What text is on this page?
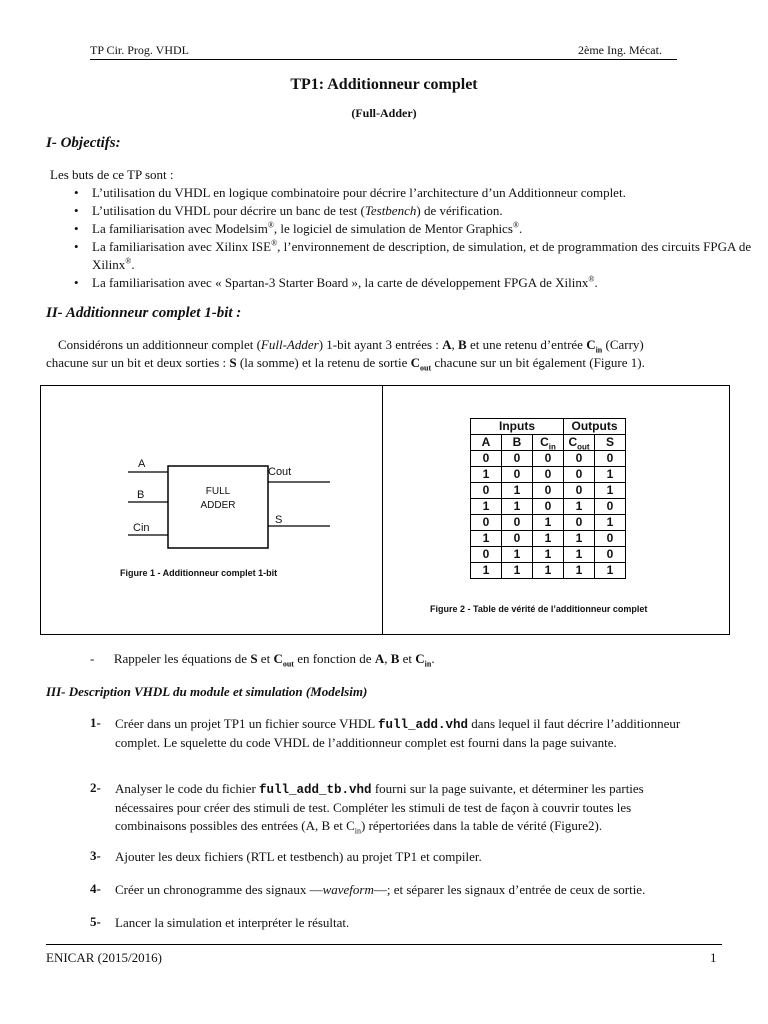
TP Cir. Prog. VHDL	2ème Ing. Mécat.
TP1: Additionneur complet
(Full-Adder)
I- Objectifs:
Les buts de ce TP sont :
• L’utilisation du VHDL en logique combinatoire pour décrire l’architecture d’un Additionneur complet.
• L’utilisation du VHDL pour décrire un banc de test (Testbench) de vérification.
• La familiarisation avec Modelsim®, le logiciel de simulation de Mentor Graphics®.
• La familiarisation avec Xilinx ISE®, l’environnement de description, de simulation, et de programmation des circuits FPGA de Xilinx®.
• La familiarisation avec « Spartan-3 Starter Board », la carte de développement FPGA de Xilinx®.
II- Additionneur complet 1-bit :
Considérons un additionneur complet (Full-Adder) 1-bit ayant 3 entrées : A, B et une retenu d’entrée $C_{in}$ (Carry)
chacune sur un bit et deux sorties : S (la somme) et la retenu de sortie $C_{out}$ chacune sur un bit également (Figure 1).
A
B
Cin
Cout
S
FULL
ADDER
Figure 1 - Additionneur complet 1-bit
Inputs			Outputs	
A	B	$C_{in}$	$C_{out}$	S
0	0	0	0	0
1	0	0	0	1
0	1	0	0	1
1	1	0	1	0
0	0	1	0	1
1	0	1	1	0
0	1	1	1	0
1	1	1	1	1
Figure 2 - Table de vérité de l’additionneur complet
- Rappeler les équations de S et $C_{out}$ en fonction de A, B et $C_{in}$.
III- Description VHDL du module et simulation (Modelsim)
1- Créer dans un projet TP1 un fichier source VHDL full_add.vhd dans lequel il faut décrire l’additionneur complet. Le squelette du code VHDL de l’additionneur complet est fourni dans la page suivante.
2- Analyser le code du fichier full_add_tb.vhd fourni sur la page suivante, et déterminer les parties nécessaires pour créer des stimuli de test. Compléter les stimuli de test de façon à couvrir toutes les combinaisons possibles des entrées (A, B et $C_{in}$) répertoriées dans la table de vérité (Figure2).
3- Ajouter les deux fichiers (RTL et testbench) au projet TP1 et compiler.
4- Créer un chronogramme des signaux —waveform—; et séparer les signaux d’entrée de ceux de sortie.
5- Lancer la simulation et interpréter le résultat.
ENICAR (2015/2016)	1
